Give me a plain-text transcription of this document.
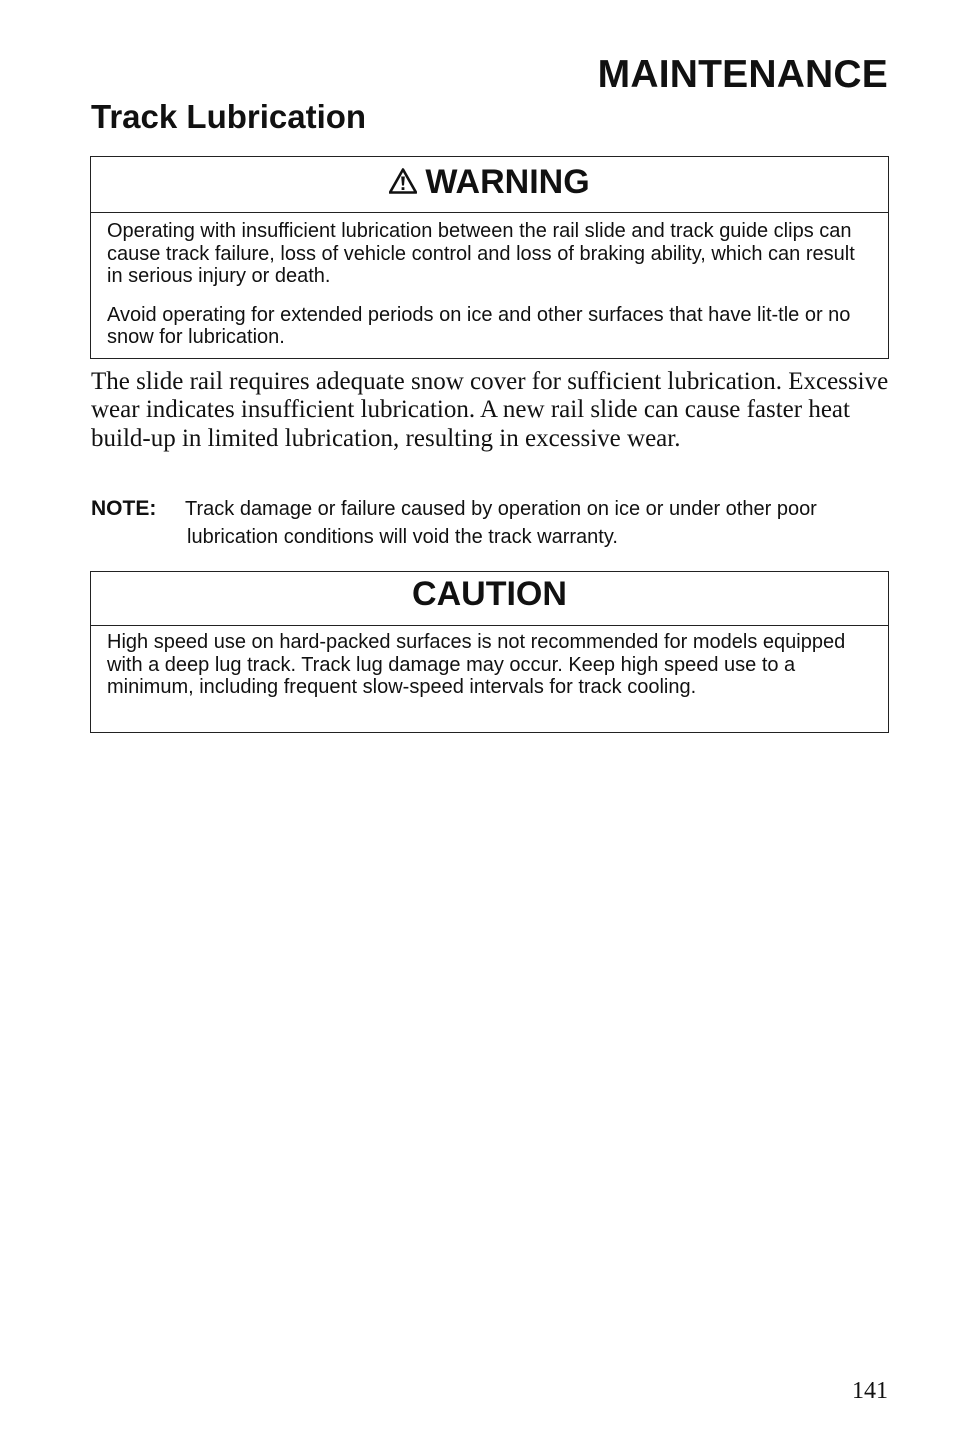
MAINTENANCE
Track Lubrication
WARNING

Operating with insufficient lubrication between the rail slide and track guide clips can cause track failure, loss of vehicle control and loss of braking ability, which can result in serious injury or death.

Avoid operating for extended periods on ice and other surfaces that have lit-tle or no snow for lubrication.

The slide rail requires adequate snow cover for sufficient lubrication. Excessive wear indicates insufficient lubrication. A new rail slide can cause faster heat build-up in limited lubrication, resulting in excessive wear.

NOTE: Track damage or failure caused by operation on ice or under other poor lubrication conditions will void the track warranty.
CAUTION

High speed use on hard-packed surfaces is not recommended for models equipped with a deep lug track. Track lug damage may occur. Keep high speed use to a minimum, including frequent slow-speed intervals for track cooling.

141
